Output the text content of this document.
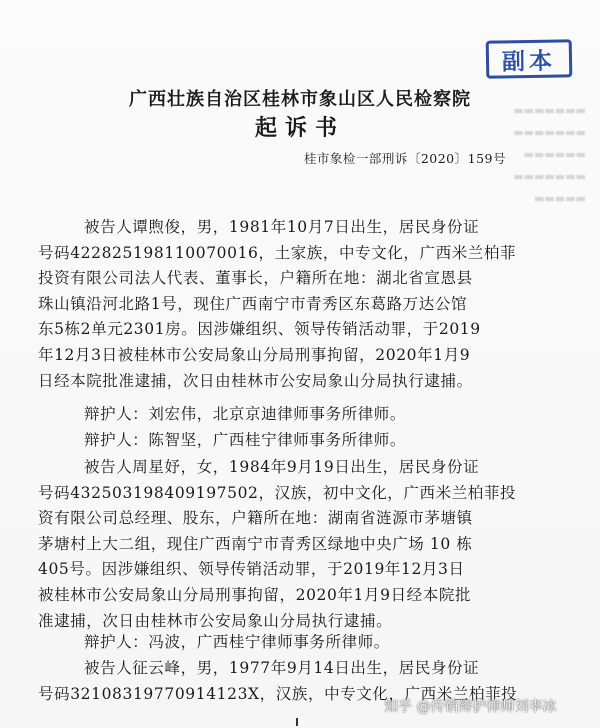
▬▬▬▬▬▬▬
▬▬▬▬▬▬▬
▬▬▬▬▬▬
▬▬▬▬▬▬▬
▬▬▬▬▬
副本
广西壮族自治区桂林市象山区人民检察院
起诉书
桂市象检一部刑诉〔2020〕159号
被告人谭煦俊，男，1981年10月7日出生，居民身份证
号码422825198110070016，土家族，中专文化，广西米兰柏菲
投资有限公司法人代表、董事长，户籍所在地：湖北省宣恩县
珠山镇沿河北路1号，现住广西南宁市青秀区东葛路万达公馆
东5栋2单元2301房。因涉嫌组织、领导传销活动罪，于2019
年12月3日被桂林市公安局象山分局刑事拘留，2020年1月9
日经本院批准逮捕，次日由桂林市公安局象山分局执行逮捕。
辩护人：刘宏伟，北京京迪律师事务所律师。
辩护人：陈智坚，广西桂宁律师事务所律师。
被告人周星妤，女，1984年9月19日出生，居民身份证
号码432503198409197502，汉族，初中文化，广西米兰柏菲投
资有限公司总经理、股东，户籍所在地：湖南省涟源市茅塘镇
茅塘村上大二组，现住广西南宁市青秀区绿地中央广场 10 栋
405号。因涉嫌组织、领导传销活动罪，于2019年12月3日
被桂林市公安局象山分局刑事拘留，2020年1月9日经本院批
准逮捕，次日由桂林市公安局象山分局执行逮捕。
辩护人：冯波，广西桂宁律师事务所律师。
被告人征云峰，男，1977年9月14日出生，居民身份证
号码32108319770914123X，汉族，中专文化，广西米兰柏菲投
知乎 @传销辩护律师刘李冰
